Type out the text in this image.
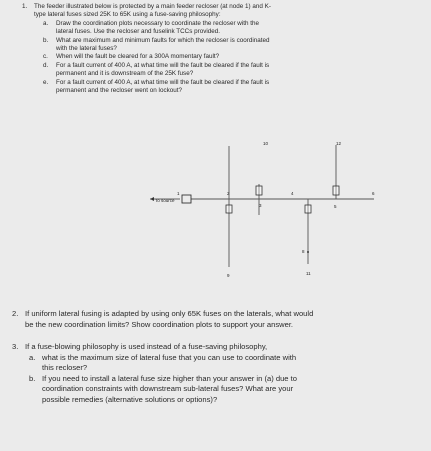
1. The feeder illustrated below is protected by a main feeder recloser (at node 1) and K-
type lateral fuses sized 25K to 65K using a fuse-saving philosophy:
a. Draw the coordination plots necessary to coordinate the recloser with the
lateral fuses. Use the recloser and fuselink TCCs provided.
b. What are maximum and minimum faults for which the recloser is coordinated
with the lateral fuses?
c. When will the fault be cleared for a 300A momentary fault?
d. For a fault current of 400 A, at what time will the fault be cleared if the fault is
permanent and it is downstream of the 25K fuse?
e. For a fault current of 400 A, at what time will the fault be cleared if the fault is
permanent and the recloser went on lockout?
To source
1	2
3
4
5
6
8
9
10
11
12
2. If uniform lateral fusing is adapted by using only 65K fuses on the laterals, what would
be the new coordination limits? Show coordination plots to support your answer.
3. If a fuse-blowing philosophy is used instead of a fuse-saving philosophy,
a. what is the maximum size of lateral fuse that you can use to coordinate with
this recloser?
b. If you need to install a lateral fuse size higher than your answer in (a) due to
coordination constraints with downstream sub-lateral fuses? What are your
possible remedies (alternative solutions or options)?
